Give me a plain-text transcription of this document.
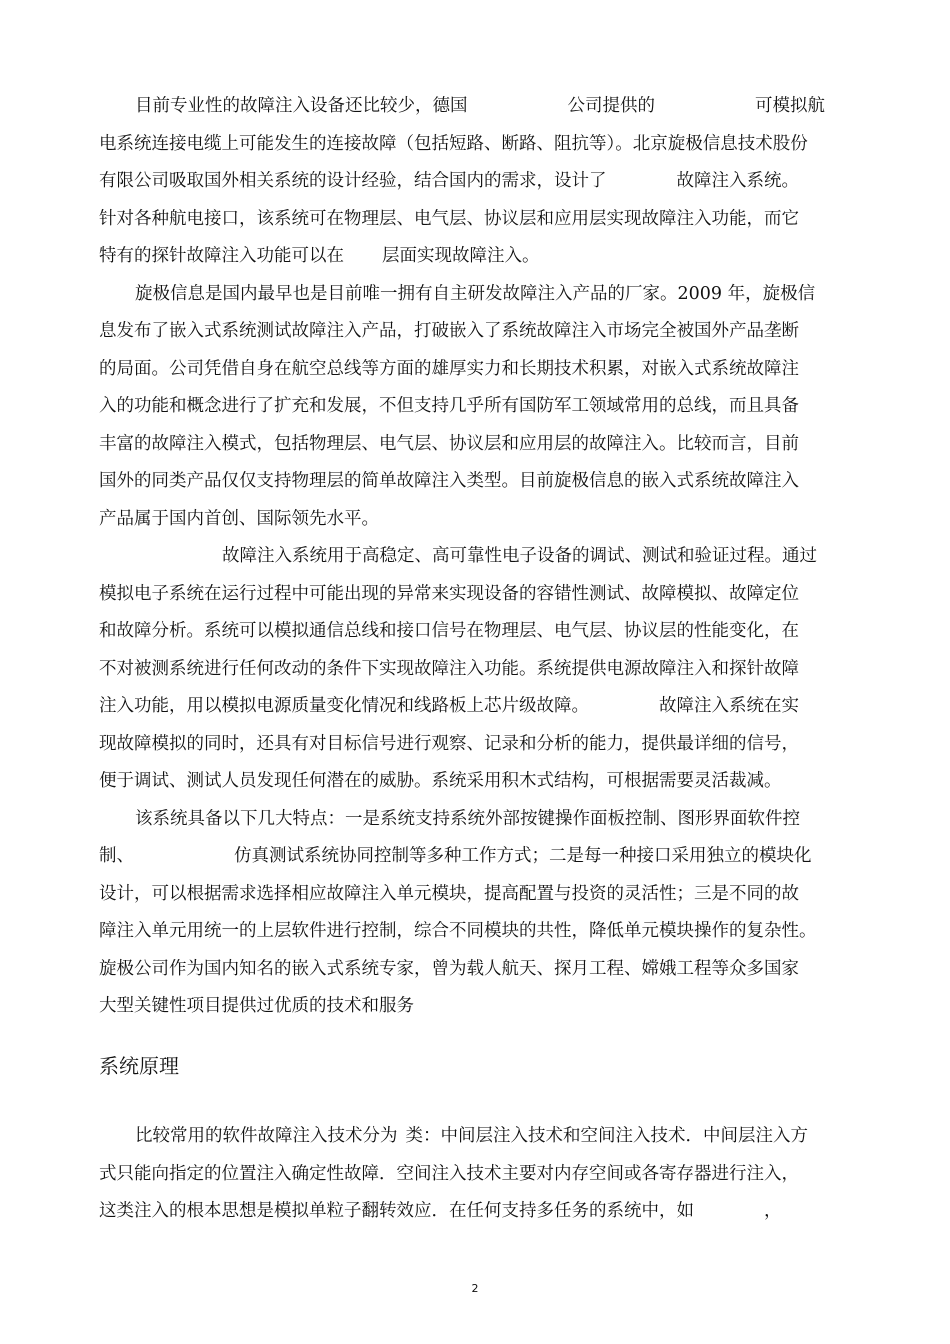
目前专业性的故障注入设备还比较少，德国	公司提供的	可模拟航
电系统连接电缆上可能发生的连接故障（包括短路、断路、阻抗等）。北京旋极信息技术股份
有限公司吸取国外相关系统的设计经验，结合国内的需求，设计了	故障注入系统。
针对各种航电接口，该系统可在物理层、电气层、协议层和应用层实现故障注入功能，而它
特有的探针故障注入功能可以在 层面实现故障注入。

旋极信息是国内最早也是目前唯一拥有自主研发故障注入产品的厂家。2009 年，旋极信
息发布了嵌入式系统测试故障注入产品，打破嵌入了系统故障注入市场完全被国外产品垄断
的局面。公司凭借自身在航空总线等方面的雄厚实力和长期技术积累，对嵌入式系统故障注
入的功能和概念进行了扩充和发展，不但支持几乎所有国防军工领域常用的总线，而且具备
丰富的故障注入模式，包括物理层、电气层、协议层和应用层的故障注入。比较而言，目前
国外的同类产品仅仅支持物理层的简单故障注入类型。目前旋极信息的嵌入式系统故障注入
产品属于国内首创、国际领先水平。

故障注入系统用于高稳定、高可靠性电子设备的调试、测试和验证过程。通过
模拟电子系统在运行过程中可能出现的异常来实现设备的容错性测试、故障模拟、故障定位
和故障分析。系统可以模拟通信总线和接口信号在物理层、电气层、协议层的性能变化，在
不对被测系统进行任何改动的条件下实现故障注入功能。系统提供电源故障注入和探针故障
注入功能，用以模拟电源质量变化情况和线路板上芯片级故障。	故障注入系统在实
现故障模拟的同时，还具有对目标信号进行观察、记录和分析的能力，提供最详细的信号，
便于调试、测试人员发现任何潜在的威胁。系统采用积木式结构，可根据需要灵活裁减。

该系统具备以下几大特点：一是系统支持系统外部按键操作面板控制、图形界面软件控
制、	仿真测试系统协同控制等多种工作方式；二是每一种接口采用独立的模块化
设计，可以根据需求选择相应故障注入单元模块，提高配置与投资的灵活性；三是不同的故
障注入单元用统一的上层软件进行控制，综合不同模块的共性，降低单元模块操作的复杂性。
旋极公司作为国内知名的嵌入式系统专家，曾为载人航天、探月工程、嫦娥工程等众多国家
大型关键性项目提供过优质的技术和服务

系统原理

比较常用的软件故障注入技术分为 类：中间层注入技术和空间注入技术．中间层注入方
式只能向指定的位置注入确定性故障．空间注入技术主要对内存空间或各寄存器进行注入，
这类注入的根本思想是模拟单粒子翻转效应．在任何支持多任务的系统中，如	，

2
